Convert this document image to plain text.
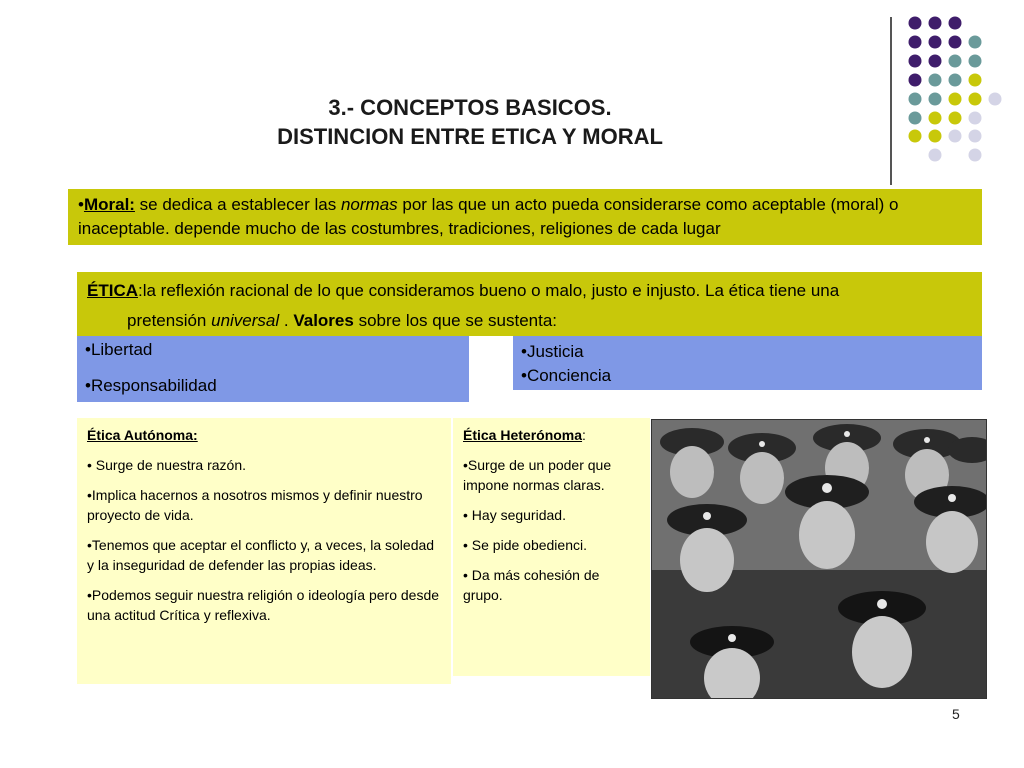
3.- CONCEPTOS BASICOS.
DISTINCION ENTRE ETICA Y MORAL
•Moral: se dedica a establecer las normas por las que un acto pueda considerarse como aceptable (moral) o inaceptable. depende mucho de las costumbres, tradiciones, religiones de cada lugar
ÉTICA:la reflexión racional de lo que consideramos bueno o malo, justo e injusto. La ética tiene una
pretensión universal . Valores sobre los que se sustenta:
•Libertad
•Responsabilidad
•Justicia
•Conciencia

Ética Autónoma:

• Surge de nuestra razón.

•Implica hacernos a nosotros mismos y definir nuestro proyecto de vida.

•Tenemos que aceptar el conflicto y, a veces, la soledad y la inseguridad de defender las propias ideas.

•Podemos seguir nuestra religión o ideología pero desde una actitud Crítica y reflexiva.

Ética Heterónoma:

•Surge de un poder que impone normas claras.

• Hay seguridad.

• Se pide obedienci.

• Da más cohesión de grupo.

5
